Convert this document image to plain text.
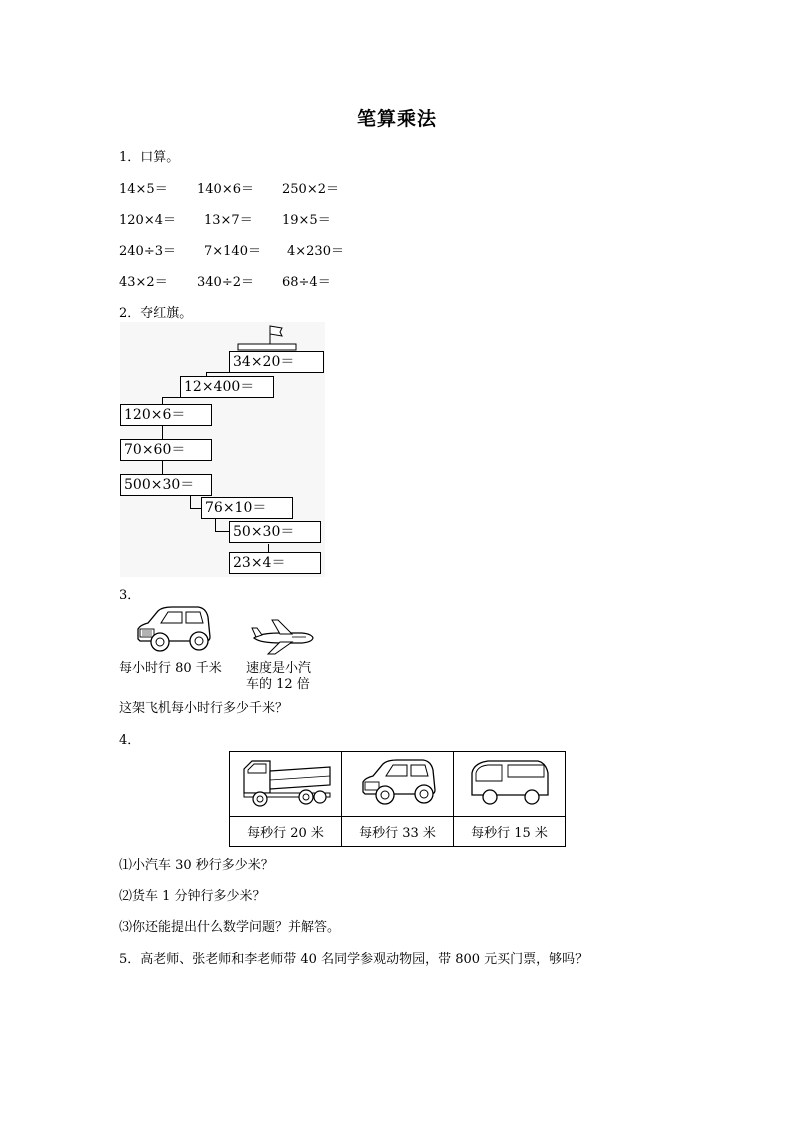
笔算乘法
1．口算。
14×5＝ 140×6＝ 250×2＝
120×4＝ 13×7＝ 19×5＝
240÷3＝ 7×140＝ 4×230＝
43×2＝ 340÷2＝ 68÷4＝
2．夺红旗。
34×20＝
12×400＝
120×6＝
70×60＝
500×30＝
76×10＝
50×30＝
23×4＝
3．
每小时行 80 千米 速度是小汽
车的 12 倍
这架飞机每小时行多少千米？
4．

每秒行 20 米	每秒行 33 米	每秒行 15 米
⑴小汽车 30 秒行多少米？
⑵货车 1 分钟行多少米？
⑶你还能提出什么数学问题？并解答。
5．高老师、张老师和李老师带 40 名同学参观动物园，带 800 元买门票，够吗？
